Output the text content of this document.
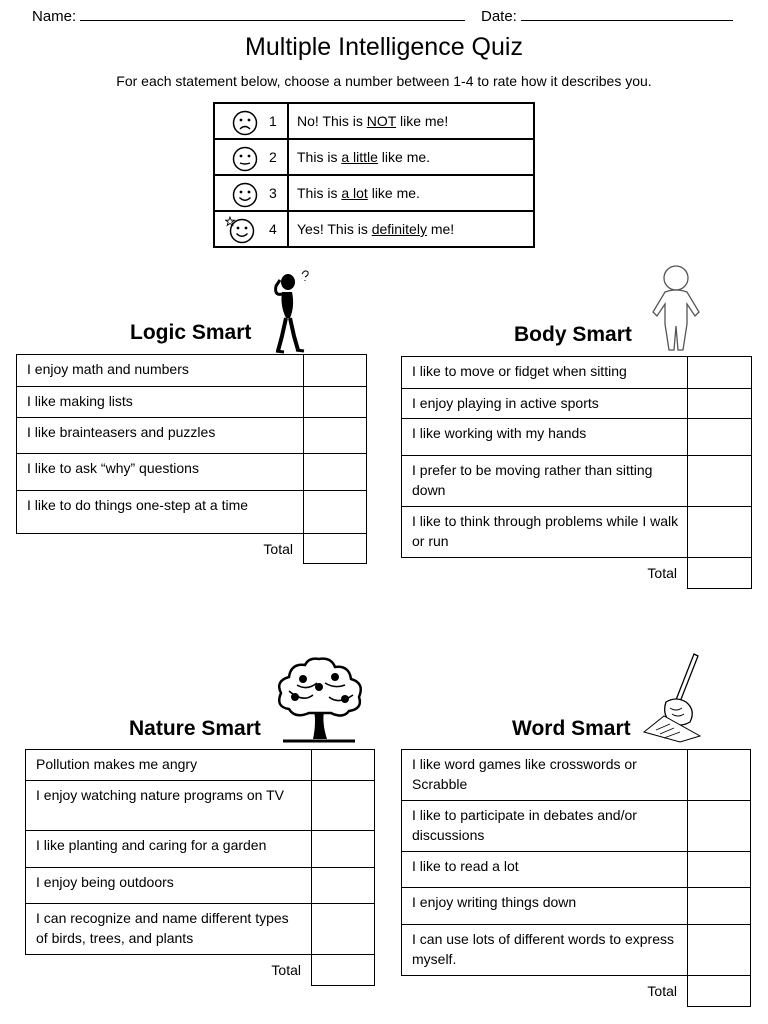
Name:	Date:
Multiple Intelligence Quiz
For each statement below, choose a number between 1-4 to rate how it describes you.
1	No! This is NOT like me!

2	This is a little like me.

3	This is a lot like me.

4	Yes! This is definitely me!
Logic Smart
I enjoy math and numbers	
I like making lists	
I like brainteasers and puzzles	
I like to ask “why” questions	
I like to do things one-step at a time	
Total	
Body Smart
I like to move or fidget when sitting	
I enjoy playing in active sports	
I like working with my hands	
I prefer to be moving rather than sitting down	
I like to think through problems while I walk or run	
Total	
Nature Smart
Pollution makes me angry	
I enjoy watching nature programs on TV	
I like planting and caring for a garden	
I enjoy being outdoors	
I can recognize and name different types of birds, trees, and plants	
Total	
Word Smart
I like word games like crosswords or Scrabble	
I like to participate in debates and/or discussions	
I like to read a lot	
I enjoy writing things down	
I can use lots of different words to express myself.	
Total	
